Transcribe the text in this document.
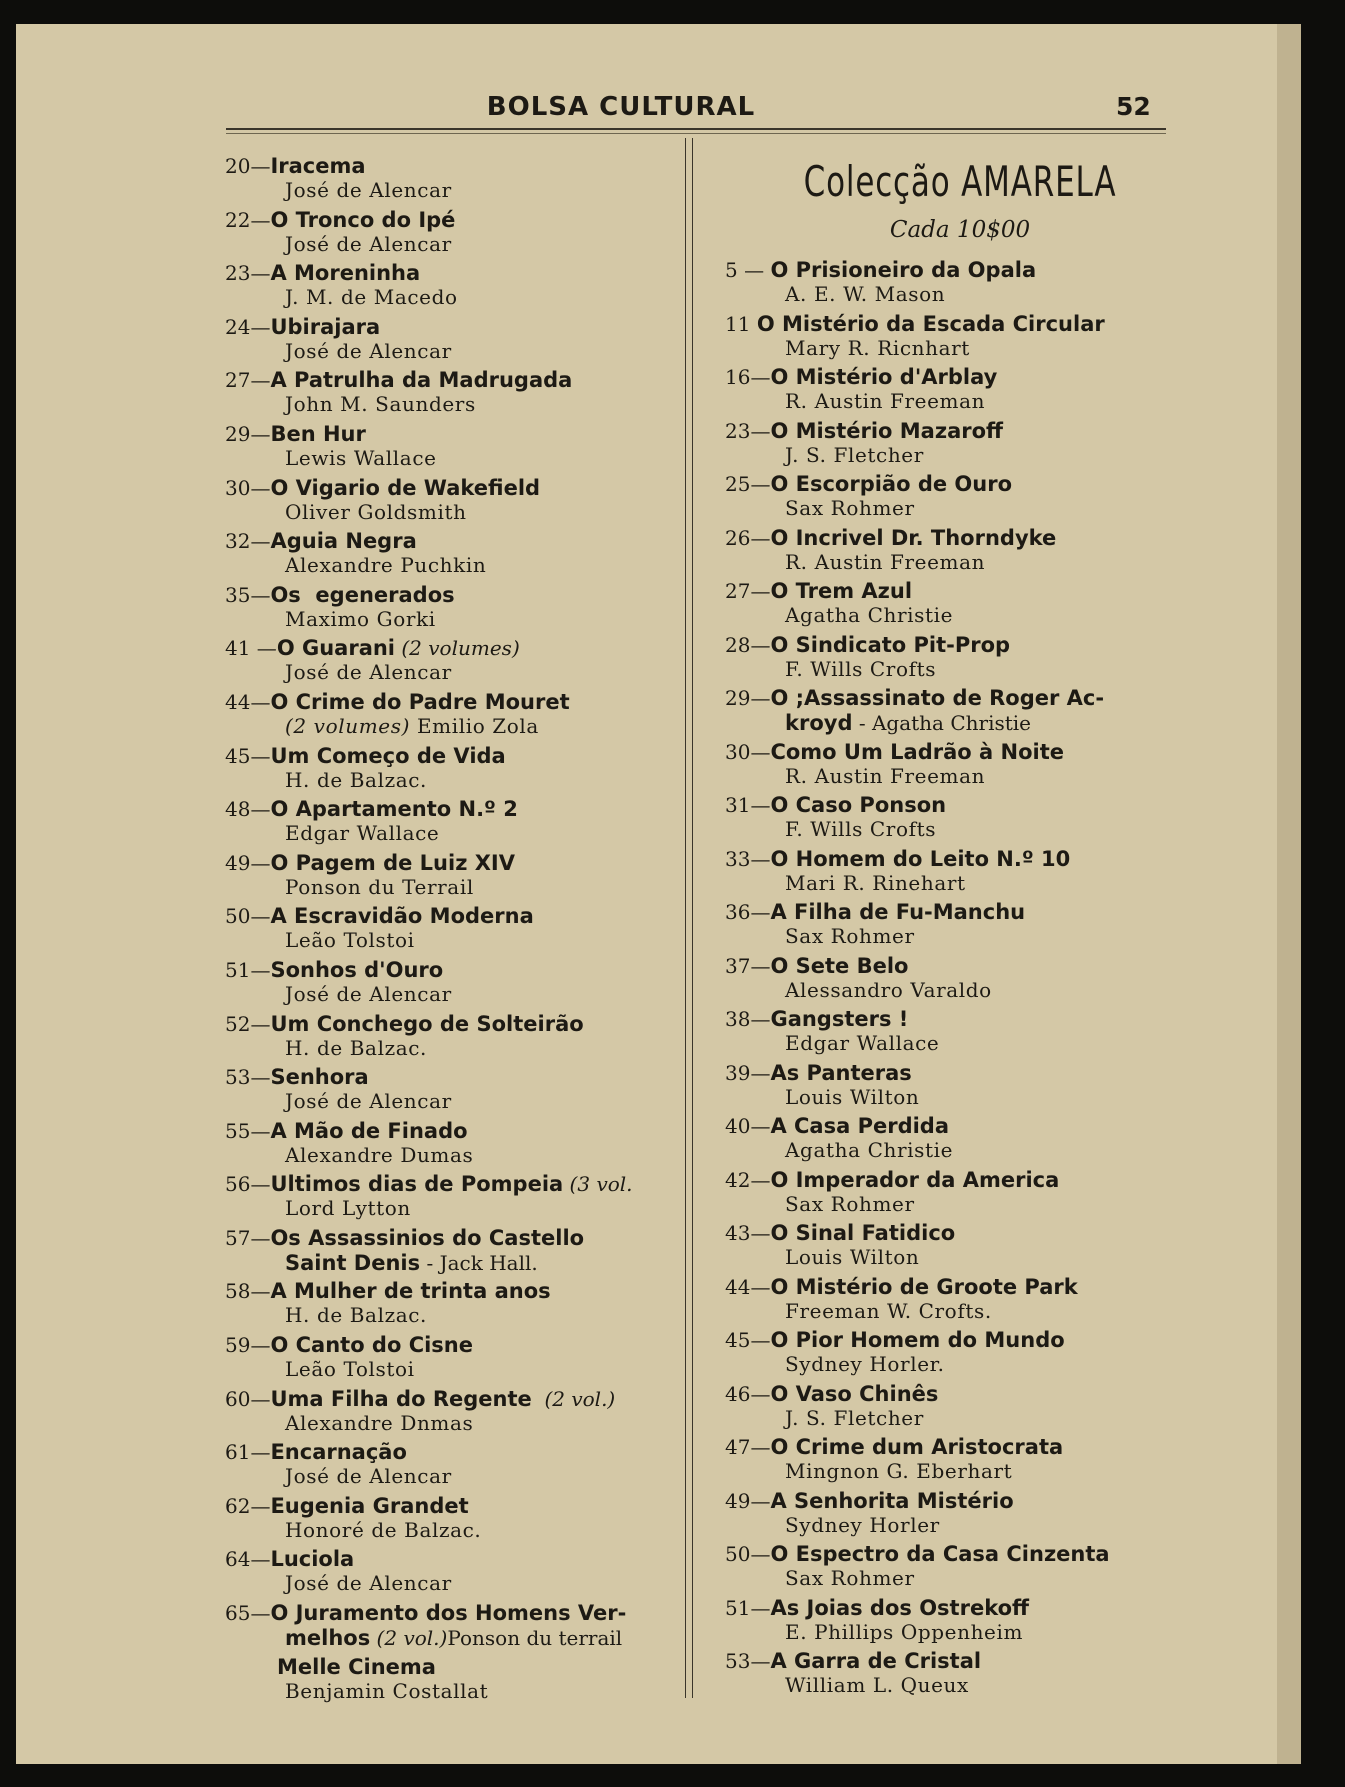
BOLSA CULTURAL	52
20—Iracema
José de Alencar
22—O Tronco do Ipé
José de Alencar
23—A Moreninha
J. M. de Macedo
24—Ubirajara
José de Alencar
27—A Patrulha da Madrugada
John M. Saunders
29—Ben Hur
Lewis Wallace
30—O Vigario de Wakefield
Oliver Goldsmith
32—Aguia Negra
Alexandre Puchkin
35—Os  egenerados
Maximo Gorki
41 —O Guarani (2 volumes)
José de Alencar
44—O Crime do Padre Mouret
(2 volumes) Emilio Zola
45—Um Começo de Vida
H. de Balzac.
48—O Apartamento N.º 2
Edgar Wallace
49—O Pagem de Luiz XIV
Ponson du Terrail
50—A Escravidão Moderna
Leão Tolstoi
51—Sonhos d'Ouro
José de Alencar
52—Um Conchego de Solteirão
H. de Balzac.
53—Senhora
José de Alencar
55—A Mão de Finado
Alexandre Dumas
56—Ultimos dias de Pompeia (3 vol.
Lord Lytton
57—Os Assassinios do Castello
Saint Denis - Jack Hall.
58—A Mulher de trinta anos
H. de Balzac.
59—O Canto do Cisne
Leão Tolstoi
60—Uma Filha do Regente  (2 vol.)
Alexandre Dnmas
61—Encarnação
José de Alencar
62—Eugenia Grandet
Honoré de Balzac.
64—Luciola
José de Alencar
65—O Juramento dos Homens Ver-
melhos (2 vol.)Ponson du terrail
Melle Cinema
Benjamin Costallat
Colecção AMARELA
Cada 10$00
5 — O Prisioneiro da Opala
A. E. W. Mason
11 O Mistério da Escada Circular
Mary R. Ricnhart
16—O Mistério d'Arblay
R. Austin Freeman
23—O Mistério Mazaroff
J. S. Fletcher
25—O Escorpião de Ouro
Sax Rohmer
26—O Incrivel Dr. Thorndyke
R. Austin Freeman
27—O Trem Azul
Agatha Christie
28—O Sindicato Pit-Prop
F. Wills Crofts
29—O ;Assassinato de Roger Ac-
kroyd - Agatha Christie
30—Como Um Ladrão à Noite
R. Austin Freeman
31—O Caso Ponson
F. Wills Crofts
33—O Homem do Leito N.º 10
Mari R. Rinehart
36—A Filha de Fu-Manchu
Sax Rohmer
37—O Sete Belo
Alessandro Varaldo
38—Gangsters !
Edgar Wallace
39—As Panteras
Louis Wilton
40—A Casa Perdida
Agatha Christie
42—O Imperador da America
Sax Rohmer
43—O Sinal Fatidico
Louis Wilton
44—O Mistério de Groote Park
Freeman W. Crofts.
45—O Pior Homem do Mundo
Sydney Horler.
46—O Vaso Chinês
J. S. Fletcher
47—O Crime dum Aristocrata
Mingnon G. Eberhart
49—A Senhorita Mistério
Sydney Horler
50—O Espectro da Casa Cinzenta
Sax Rohmer
51—As Joias dos Ostrekoff
E. Phillips Oppenheim
53—A Garra de Cristal
William L. Queux
